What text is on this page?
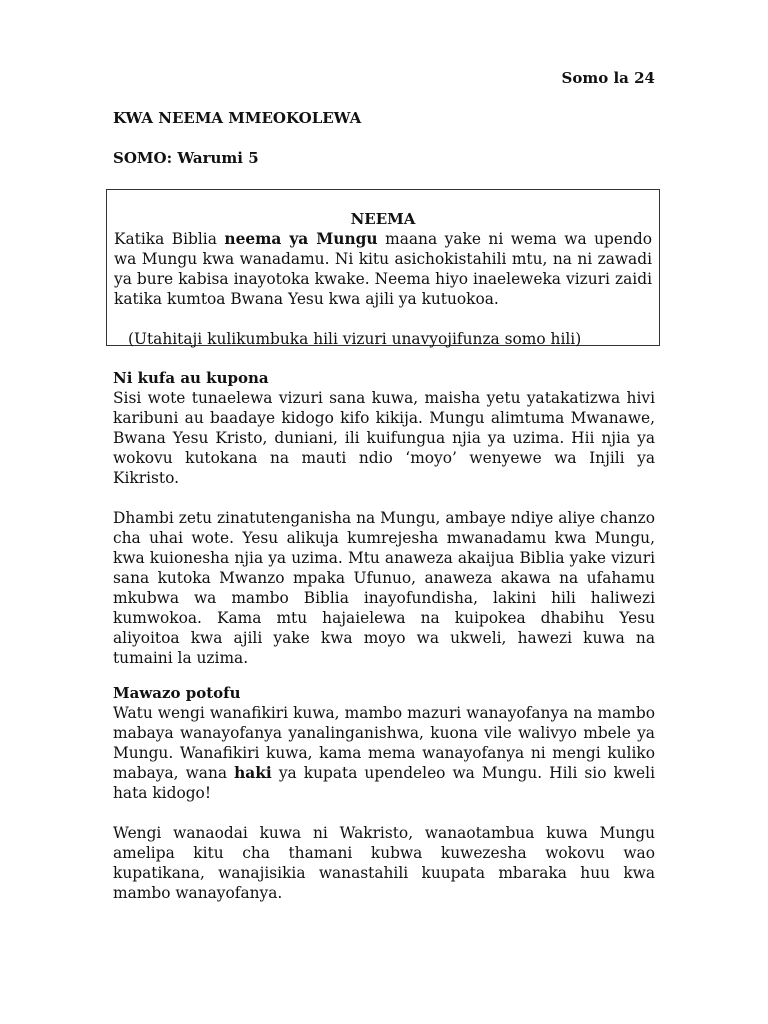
Somo la 24
KWA NEEMA MMEOKOLEWA
SOMO: Warumi 5
NEEMA

Katika Biblia neema ya Mungu maana yake ni wema wa upendo wa Mungu kwa wanadamu. Ni kitu asichokistahili mtu, na ni zawadi ya bure kabisa inayotoka kwake. Neema hiyo inaeleweka vizuri zaidi katika kumtoa Bwana Yesu kwa ajili ya kutuokoa.

(Utahitaji kulikumbuka hili vizuri unavyojifunza somo hili)

Ni kufa au kupona

Sisi wote tunaelewa vizuri sana kuwa, maisha yetu yatakatizwa hivi karibuni au baadaye kidogo kifo kikija. Mungu alimtuma Mwanawe, Bwana Yesu Kristo, duniani, ili kuifungua njia ya uzima. Hii njia ya wokovu kutokana na mauti ndio ‘moyo’ wenyewe wa Injili ya Kikristo.

Dhambi zetu zinatutenganisha na Mungu, ambaye ndiye aliye chanzo cha uhai wote. Yesu alikuja kumrejesha mwanadamu kwa Mungu, kwa kuionesha njia ya uzima. Mtu anaweza akaijua Biblia yake vizuri sana kutoka Mwanzo mpaka Ufunuo, anaweza akawa na ufahamu mkubwa wa mambo Biblia inayofundisha, lakini hili haliwezi kumwokoa. Kama mtu hajaielewa na kuipokea dhabihu Yesu aliyoitoa kwa ajili yake kwa moyo wa ukweli, hawezi kuwa na tumaini la uzima.

Mawazo potofu

Watu wengi wanafikiri kuwa, mambo mazuri wanayofanya na mambo mabaya wanayofanya yanalinganishwa, kuona vile walivyo mbele ya Mungu. Wanafikiri kuwa, kama mema wanayofanya ni mengi kuliko mabaya, wana haki ya kupata upendeleo wa Mungu. Hili sio kweli hata kidogo!

Wengi wanaodai kuwa ni Wakristo, wanaotambua kuwa Mungu amelipa kitu cha thamani kubwa kuwezesha wokovu wao kupatikana, wanajisikia wanastahili kuupata mbaraka huu kwa mambo wanayofanya.
